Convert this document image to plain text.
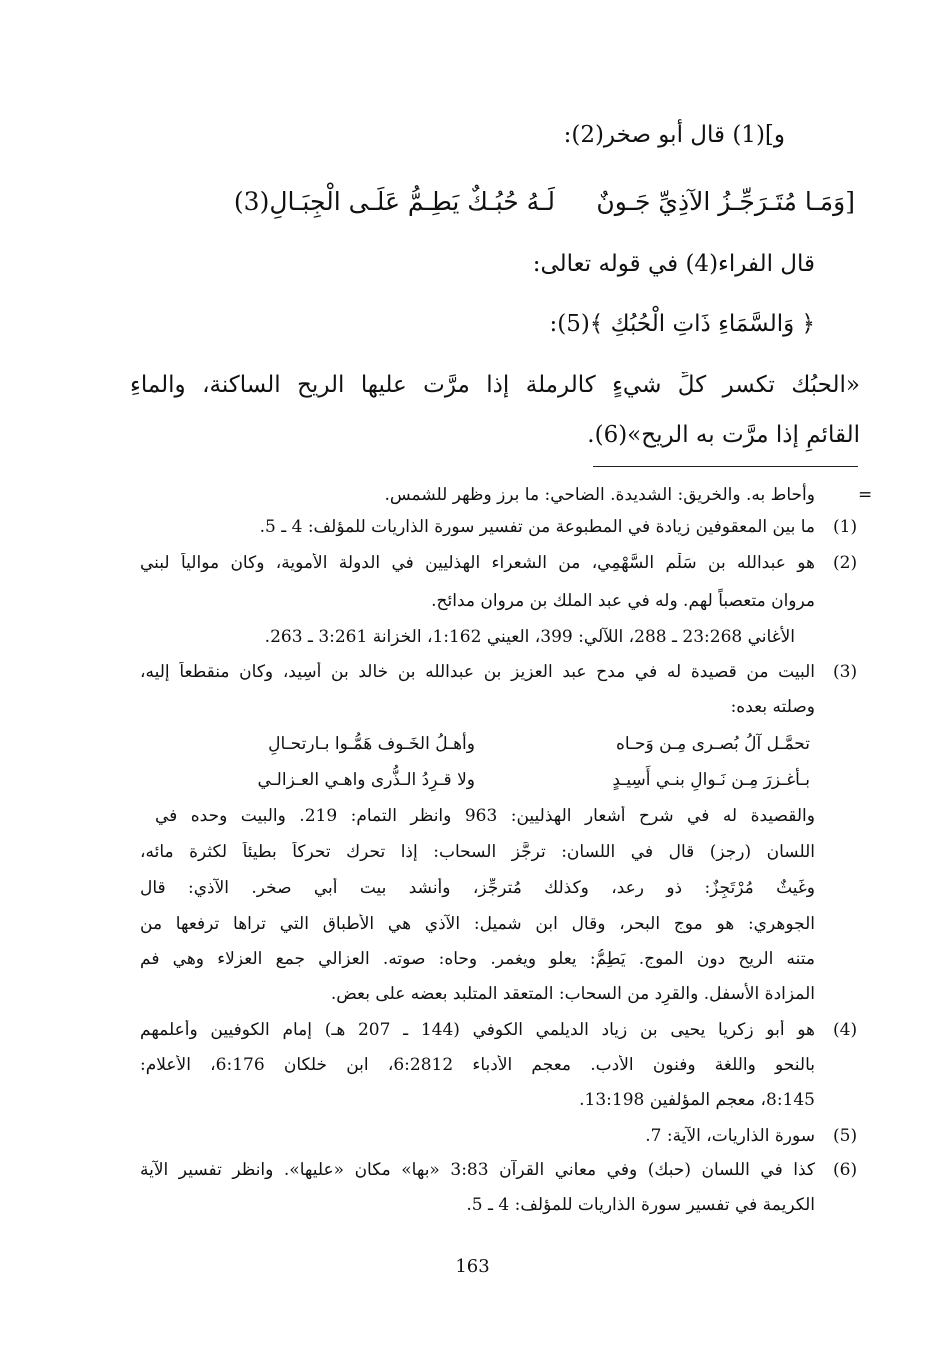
و](1) قال أبو صخر(2):
[وَمَـا مُتَـرَجِّـزُ الآذِيِّ جَـونٌ
لَـهُ حُبُـكٌ يَطِـمُّ عَلَـى الْجِبَـالِ(3)
قال الفراء(4) في قوله تعالى:
﴿ وَالسَّمَاءِ ذَاتِ الْحُبُكِ ﴾(5):
«الحبُك تكسر كلِّ شيءٍ كالرملة إذا مرَّت عليها الريح الساكنة، والماءِ
القائمِ إذا مرَّت به الريح»(6).
=
وأحاط به. والخريق: الشديدة. الضاحي: ما برز وظهر للشمس.
(1)
ما بين المعقوفين زيادة في المطبوعة من تفسير سورة الذاريات للمؤلف: 4 ـ 5.
(2)
هو عبدالله بن سَلْم السَّهْمِي، من الشعراء الهذليين في الدولة الأموية، وكان موالياً لبني
مروان متعصباً لهم. وله في عبد الملك بن مروان مدائح.
الأغاني 23:268 ـ 288، اللآلي: 399، العيني 1:162، الخزانة 3:261 ـ 263.
(3)
البيت من قصيدة له في مدح عبد العزيز بن عبدالله بن خالد بن أَسِيد، وكان منقطعاً إليه،
وصلته بعده:
تحمَّـل آلُ بُصـرى مِـن وَحـاه
وأهـلُ الخَـوف هَمُّـوا بـارتحـالِ
بـأغـزرَ مِـن نَـوالِ بنـي أَسِيـدٍ
ولا قـرِدُ الـذُّرى واهـي العـزالـي
والقصيدة له في شرح أشعار الهذليين: 963 وانظر التمام: 219. والبيت وحده في
اللسان (رجز) قال في اللسان: ترجَّز السحاب: إذا تحرك تحركاً بطيئاً لكثرة مائه،
وغَيثٌ مُرْتَجِزٌ: ذو رعد، وكذلك مُترجِّز، وأنشد بيت أبي صخر. الآذي: قال
الجوهري: هو موج البحر، وقال ابن شميل: الآذي هي الأطباق التي تراها ترفعها من
متنه الريح دون الموج. يَطِمُّ: يعلو ويغمر. وحاه: صوته. العزالي جمع العزلاء وهي فم
المزادة الأسفل. والقرِد من السحاب: المتعقد المتلبد بعضه على بعض.
(4)
هو أبو زكريا يحيى بن زياد الديلمي الكوفي (144 ـ 207 هـ) إمام الكوفيين وأعلمهم
بالنحو واللغة وفنون الأدب. معجم الأدباء 6:2812، ابن خلكان 6:176، الأعلام:
8:145، معجم المؤلفين 13:198.
(5)
سورة الذاريات، الآية: 7.
(6)
كذا في اللسان (حبك) وفي معاني القرآن 3:83 «بها» مكان «عليها». وانظر تفسير الآية
الكريمة في تفسير سورة الذاريات للمؤلف: 4 ـ 5.
163
